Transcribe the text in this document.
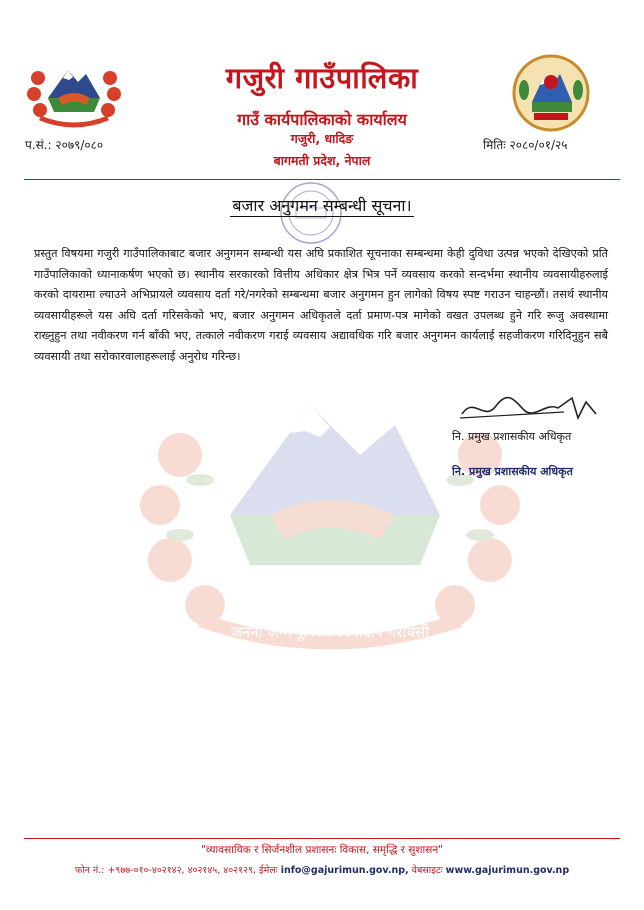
जननी जन्मभूमिश्च स्वर्गादपि गरीयसी
गजुरी गाउँपालिका
गाउँ कार्यपालिकाको कार्यालय
गजुरी, धादिङ
बागमती प्रदेश, नेपाल
प.सं.: २०७९/०८०	मितिः २०८०/०१/२५
बजार अनुगमन सम्बन्धी सूचना।
प्रस्तुत विषयमा गजुरी गाउँपालिकाबाट बजार अनुगमन सम्बन्धी यस अघि प्रकाशित सूचनाका सम्बन्धमा केही दुविधा उत्पन्न भएको देखिएको प्रति गाउँपालिकाको ध्यानाकर्षण भएको छ। स्थानीय सरकारको वित्तीय अधिकार क्षेत्र भित्र पर्ने व्यवसाय करको सन्दर्भमा स्थानीय व्यवसायीहरुलाई करको दायरामा ल्याउने अभिप्रायले व्यवसाय दर्ता गरे/नगरेको सम्बन्धमा बजार अनुगमन हुन लागेको विषय स्पष्ट गराउन चाहन्छौं। तसर्थ स्थानीय व्यवसायीहरूले यस अघि दर्ता गरिसकेको भए, बजार अनुगमन अधिकृतले दर्ता प्रमाण-पत्र मागेको वखत उपलब्ध हुने गरि रूजु अवस्थामा राख्नुहुन तथा नवीकरण गर्न बाँकी भए, तत्काले नवीकरण गराई व्यवसाय अद्यावधिक गरि बजार अनुगमन कार्यलाई सहजीकरण गरिदिनुहुन सबै व्यवसायी तथा सरोकारवालाहरूलाई अनुरोध गरिन्छ।
नि. प्रमुख प्रशासकीय अधिकृत
नि. प्रमुख प्रशासकीय अधिकृत
"व्यावसायिक र सिर्जनशील प्रशासनः विकास, समृद्धि र सुशासन"
फोन नं.: +९७७-०१०-४०२१४२, ४०२१४५, ४०२१२९, ईमेलः info@gajurimun.gov.np, वेबसाइटः www.gajurimun.gov.np
